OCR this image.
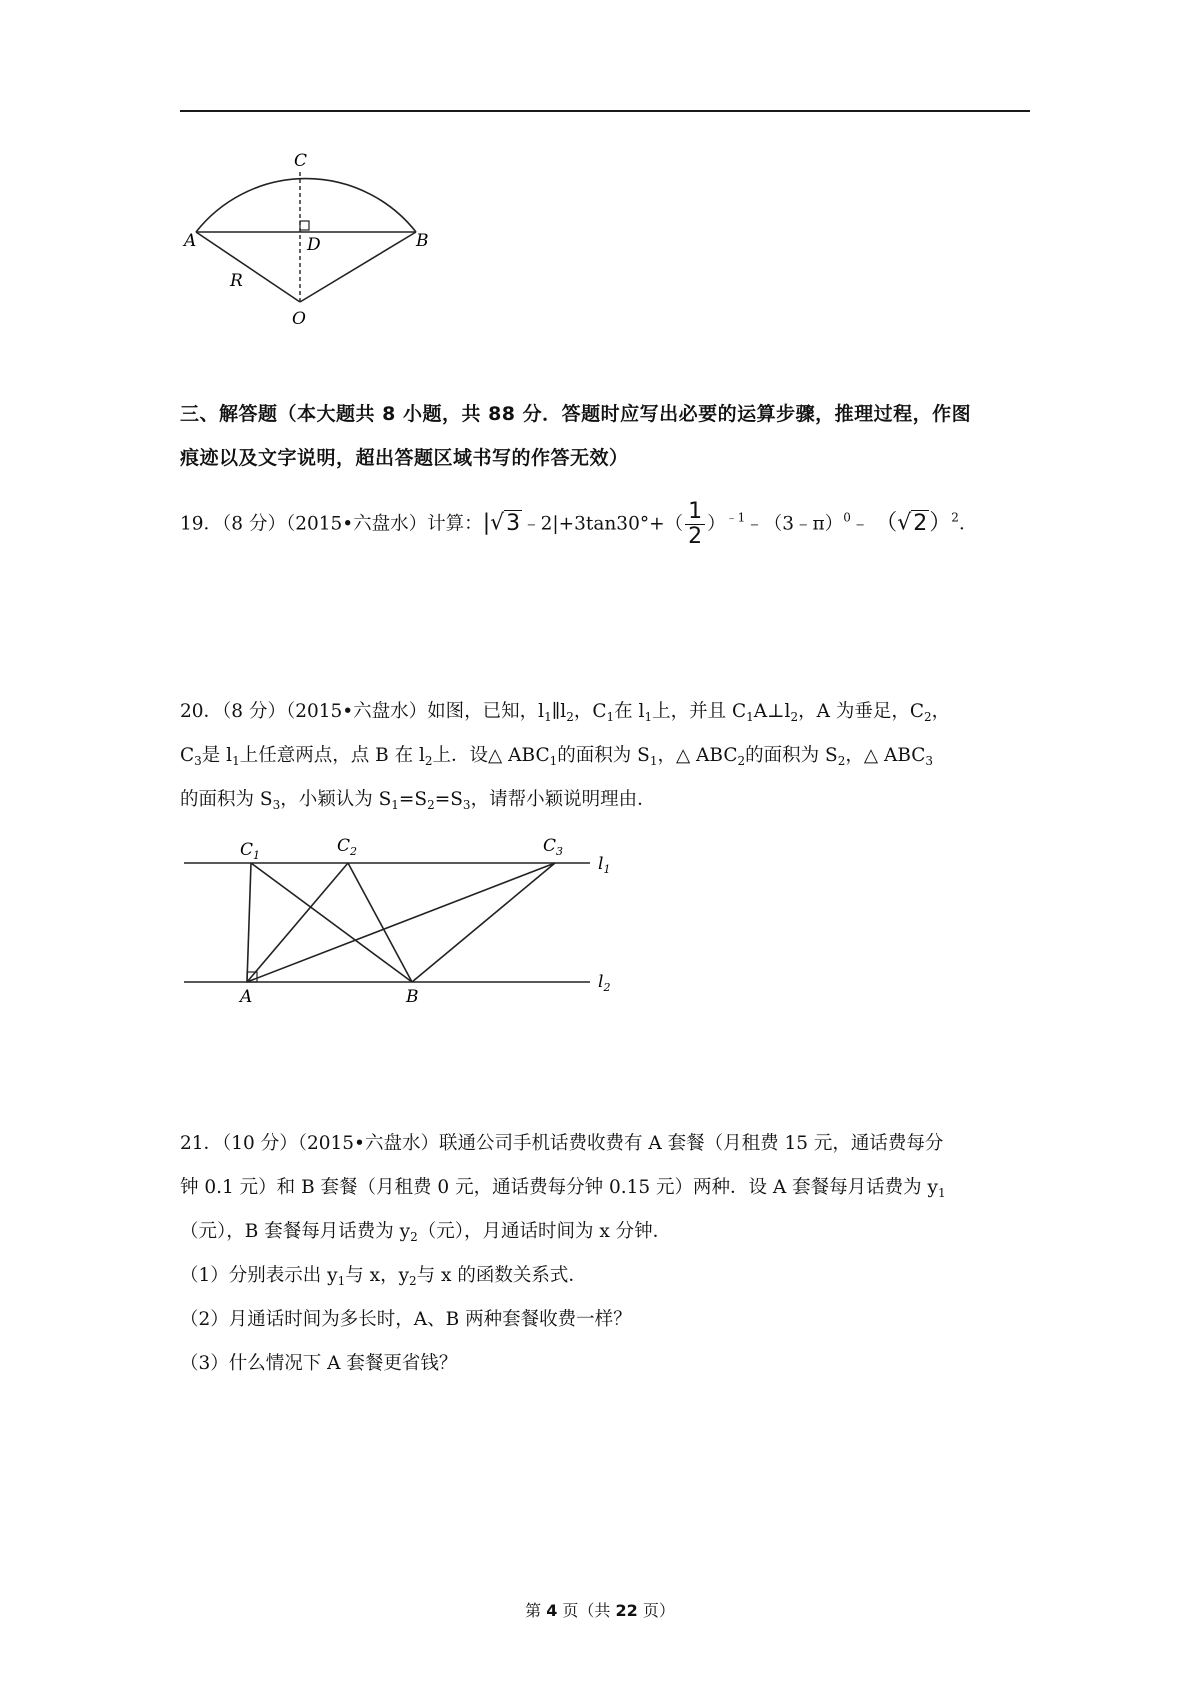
C
A	D	B
R
O
三、解答题（本大题共 8 小题，共 88 分．答题时应写出必要的运算步骤，推理过程，作图
痕迹以及文字说明，超出答题区域书写的作答无效）
19．（8 分）（2015•六盘水）计算：|√3 ﹣2|+3tan30°+（ $\frac{1}{2}$ ）$^{﹣1}$﹣（3﹣π）$^0$﹣ $(√2)^2$．
20．（8 分）（2015•六盘水）如图，已知，$l_1\parallel l_2$，$C_1$在 $l_1$上，并且 $C_1A\perp l_2$，A 为垂足，$C_2$，
$C_3$是 $l_1$上任意两点，点 B 在 $l_2$上．设△ $ABC_1$的面积为 $S_1$，△ $ABC_2$的面积为 $S_2$，△ $ABC_3$
的面积为 $S_3$，小颖认为 $S_1=S_2=S_3$，请帮小颖说明理由．
$C_1$	$C_2$	$C_3$
$l_1$
$l_2$
A	B
21．（10 分）（2015•六盘水）联通公司手机话费收费有 A 套餐（月租费 15 元，通话费每分
钟 0.1 元）和 B 套餐（月租费 0 元，通话费每分钟 0.15 元）两种．设 A 套餐每月话费为 $y_1$
（元），B 套餐每月话费为 $y_2$（元），月通话时间为 x 分钟．
（1）分别表示出 $y_1$与 x，$y_2$与 x 的函数关系式．
（2）月通话时间为多长时，A、B 两种套餐收费一样？
（3）什么情况下 A 套餐更省钱？
第 4 页（共 22 页）
